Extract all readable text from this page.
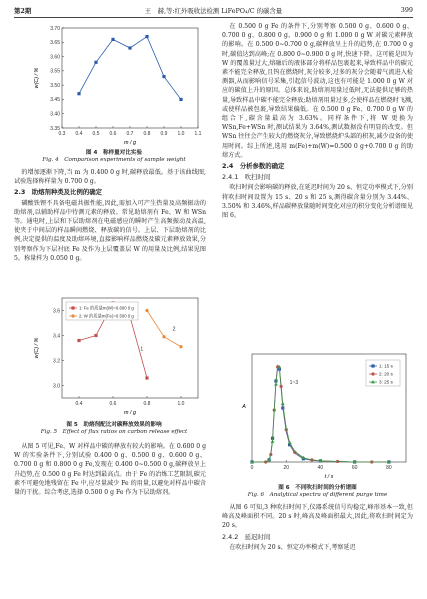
第2期	王　赫,等:红外吸收法检测 LiFePO₄/C 的碳含量	399
0.3 0.4 0.5 0.6 0.7 0.8 0.9 1.0 1.1
3.35
3.40
3.45
3.50
3.55
3.60
3.65
3.70
m / g
w(C) / %
图 4　称样量对比实验
Fig. 4　Comparison experiments of sample weight

的增加逐渐下降,当 m 为 0.400 0 g 时,碳释放最低。基于该曲线图,试验选择称样量为 0.700 0 g。

2.3　助熔剂种类及比例的确定

磷酸铁锂不具备电磁共振性能,因此,需加入可产生热量及高频振动的助熔剂,以辅助样品中待测元素的释放。常见助熔剂有 Fe、W 和 WSn 等。通电时,上层和下层助熔剂在电磁感应的瞬时产生高频振动及高温,使夹于中间层的样品瞬间燃烧、释放碳的信号。上层、下层助熔剂的比例,决定提供的温度及助熔环境,直接影响样品燃烧及碳元素释放效果,分别考察作为下层衬底 Fe 及作为上层覆盖层 W 的用量及比例,结果见图 5。称量样为 0.050 0 g。

0.4	0.6	0.8	1.0
3.0
3.2
3.4
3.6
m / g
w(C) / %	1
2
1: Fe 的质量m(W)=0.600 0 g
2: W 的质量m(Fe)=0.500 0 g
图 5　助熔剂配比对碳释放效果的影响
Fig. 5　Effect of flux ratios on carbon release effect

从图 5 可见,Fe、W 对样品中碳的释放有较大的影响。在 0.600 0 g W 的实验条件下,分别试验 0.400 0 g、0.500 0 g、0.600 0 g、0.700 0 g 和 0.800 0 g Fe,发现在 0.400 0~0.500 0 g,碳释放呈上升趋势,在 0.500 0 g Fe 时达到最高点。由于 Fe 的冶炼工艺限制,碳元素不可避免地残留在 Fe 中,应尽量减少 Fe 的用量,以避免对样品中碳含量的干扰。综合考虑,选择 0.500 0 g Fe 作为下层助熔剂。

在 0.500 0 g Fe 的条件下,分别考察 0.500 0 g、0.600 0 g、0.700 0 g、0.800 0 g、0.900 0 g 和 1.000 0 g W 对碳元素释放的影响。在 0.500 0~0.700 0 g,碳释放呈上升的趋势,在 0.700 0 g 时,碳值达到高峰;在 0.800 0~0.900 0 g 时,快速下降。这可能是因为 W 的覆盖量过大,熔融后的液体部分将样品包裹起来,导致样品中的碳元素不能完全释放,且钨在燃烧时,灰分较多,过多的灰分会随着气流进入检测器,从而影响信号采集,引起信号波动,这也有可能是 1.000 0 g W 对应的碳值上升的原因。总体来说,助熔剂用量过低时,无法提供足够的热量,导致样品中碳不能完全释放;助熔剂用量过多,会使样品在燃烧时飞溅,或使样品被包裹,导致结果偏低。在 0.500 0 g Fe、0.700 0 g W 的组合下,碳含量最高为 3.63%。同样条件下,将 W 更换为 WSn,Fe+WSn 时,测试结果为 3.64%,测试数据没有明显的改变。但 WSn 往往会产生较大的燃烧灰分,导致燃烧炉头部的积灰,减少设备的使用时间。综上所述,选用 m(Fe)+m(W)=0.500 0 g+0.700 0 g 的助熔方式。

2.4　分析参数的确定
2.4.1　吹扫时间

吹扫时间会影响碳的释放,在延迟时间为 20 s、恒定功率模式下,分别将吹扫时间设置为 15 s、20 s 和 25 s,测得碳含量分别为 3.44%、3.50% 和 3.46%,样品碳释放量随时间变化对应的积分变化分析谱图见图 6。

0	20	40	60	80
t / s
A
1~3
1: 15 s
2: 20 s
3: 25 s
图 6　不同吹扫时间的分析谱图
Fig. 6　Analytical spectra of different purge time

从图 6 可知,3 种吹扫时间下,仪器系统信号均稳定,峰形基本一致,但峰高及峰面积不同。20 s 时,峰高及峰面积最大,因此,将吹扫时间定为 20 s。

2.4.2　延迟时间

在吹扫时间为 20 s、恒定功率模式下,考察延迟
